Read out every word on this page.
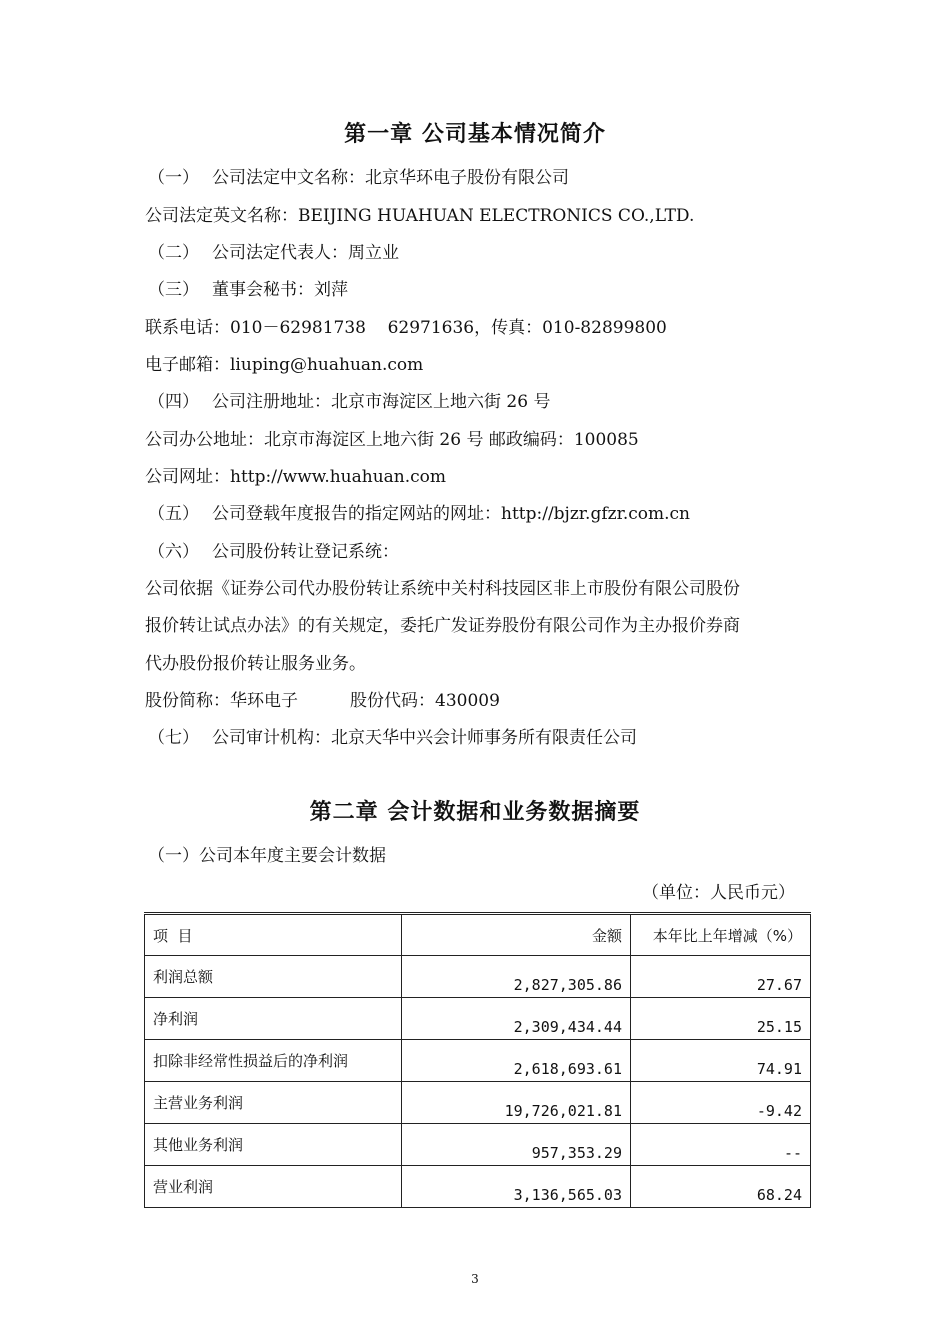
第一章 公司基本情况简介
（一） 公司法定中文名称：北京华环电子股份有限公司
公司法定英文名称：BEIJING HUAHUAN ELECTRONICS CO.,LTD.
（二） 公司法定代表人：周立业
（三） 董事会秘书：刘萍
联系电话：010－62981738    62971636，传真：010-82899800
电子邮箱：liuping@huahuan.com
（四） 公司注册地址：北京市海淀区上地六街 26 号
公司办公地址：北京市海淀区上地六街 26 号 邮政编码：100085
公司网址：http://www.huahuan.com
（五） 公司登载年度报告的指定网站的网址：http://bjzr.gfzr.com.cn
（六） 公司股份转让登记系统：
公司依据《证券公司代办股份转让系统中关村科技园区非上市股份有限公司股份
报价转让试点办法》的有关规定，委托广发证券股份有限公司作为主办报价券商
代办股份报价转让服务业务。
股份简称：华环电子	股份代码：430009
（七） 公司审计机构：北京天华中兴会计师事务所有限责任公司
第二章 会计数据和业务数据摘要
（一）公司本年度主要会计数据
（单位：人民币元）
项  目	金额	本年比上年增减（%）
利润总额	2,827,305.86	27.67
净利润	2,309,434.44	25.15
扣除非经常性损益后的净利润	2,618,693.61	74.91
主营业务利润	19,726,021.81	-9.42
其他业务利润	957,353.29	--
营业利润	3,136,565.03	68.24
3
